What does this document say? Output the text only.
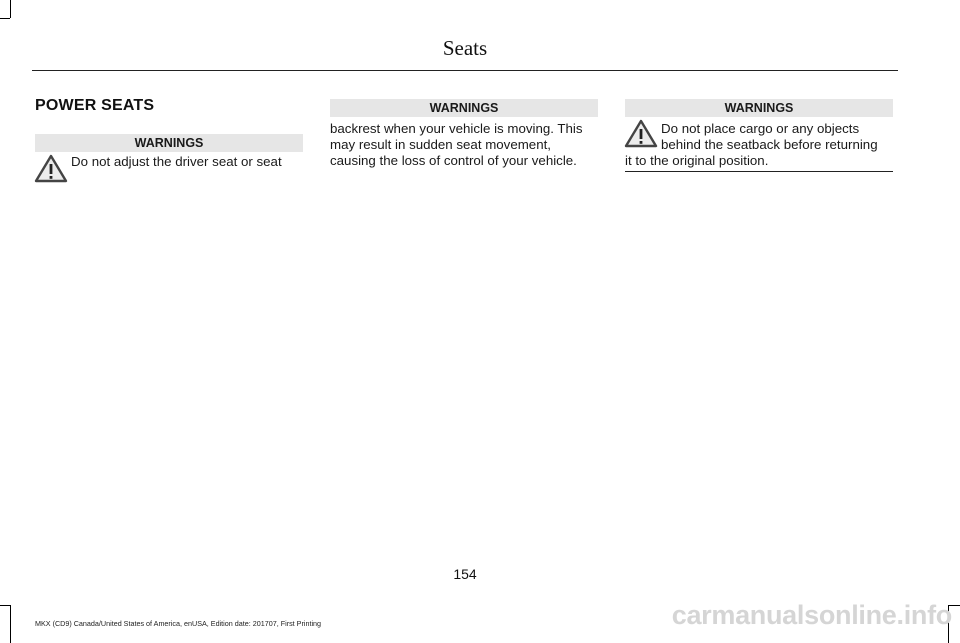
Seats
POWER SEATS
WARNINGS
Do not adjust the driver seat or seat
WARNINGS
backrest when your vehicle is moving. This
may result in sudden seat movement,
causing the loss of control of your vehicle.
WARNINGS
Do not place cargo or any objects
behind the seatback before returning
it to the original position.
154
MKX (CD9) Canada/United States of America, enUSA, Edition date: 201707, First Printing	carmanualsonline.info
